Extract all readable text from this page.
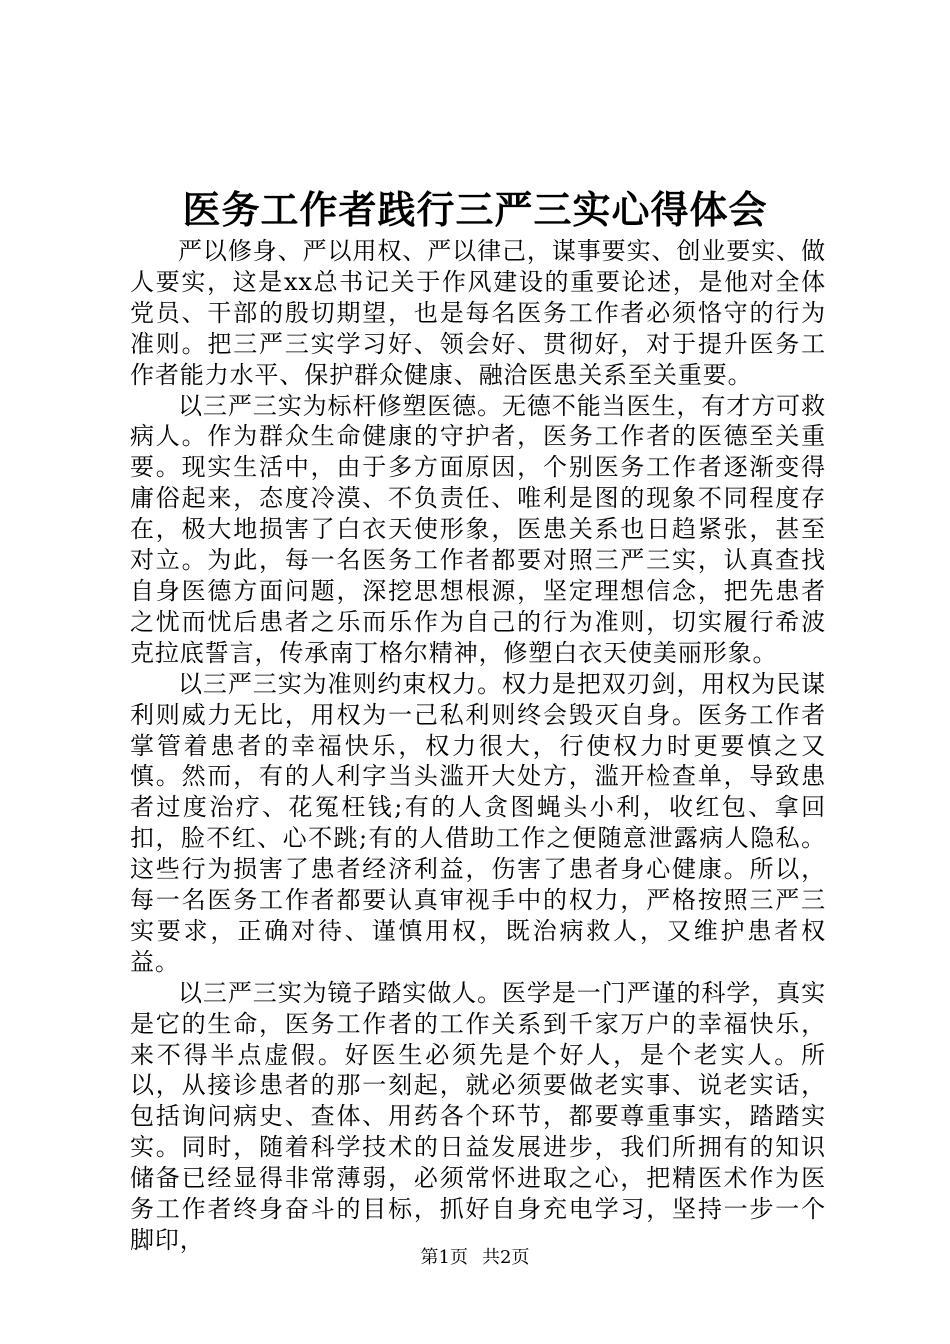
医务工作者践行三严三实心得体会

严以修身、严以用权、严以律己，谋事要实、创业要实、做人要实，这是xx总书记关于作风建设的重要论述，是他对全体党员、干部的殷切期望，也是每名医务工作者必须恪守的行为准则。把三严三实学习好、领会好、贯彻好，对于提升医务工作者能力水平、保护群众健康、融洽医患关系至关重要。

以三严三实为标杆修塑医德。无德不能当医生，有才方可救病人。作为群众生命健康的守护者，医务工作者的医德至关重要。现实生活中，由于多方面原因，个别医务工作者逐渐变得庸俗起来，态度冷漠、不负责任、唯利是图的现象不同程度存在，极大地损害了白衣天使形象，医患关系也日趋紧张，甚至对立。为此，每一名医务工作者都要对照三严三实，认真查找自身医德方面问题，深挖思想根源，坚定理想信念，把先患者之忧而忧后患者之乐而乐作为自己的行为准则，切实履行希波克拉底誓言，传承南丁格尔精神，修塑白衣天使美丽形象。

以三严三实为准则约束权力。权力是把双刃剑，用权为民谋利则威力无比，用权为一己私利则终会毁灭自身。医务工作者掌管着患者的幸福快乐，权力很大，行使权力时更要慎之又慎。然而，有的人利字当头滥开大处方，滥开检查单，导致患者过度治疗、花冤枉钱;有的人贪图蝇头小利，收红包、拿回扣，脸不红、心不跳;有的人借助工作之便随意泄露病人隐私。这些行为损害了患者经济利益，伤害了患者身心健康。所以，每一名医务工作者都要认真审视手中的权力，严格按照三严三实要求，正确对待、谨慎用权，既治病救人，又维护患者权益。

以三严三实为镜子踏实做人。医学是一门严谨的科学，真实是它的生命，医务工作者的工作关系到千家万户的幸福快乐，来不得半点虚假。好医生必须先是个好人，是个老实人。所以，从接诊患者的那一刻起，就必须要做老实事、说老实话，包括询问病史、查体、用药各个环节，都要尊重事实，踏踏实实。同时，随着科学技术的日益发展进步，我们所拥有的知识储备已经显得非常薄弱，必须常怀进取之心，把精医术作为医务工作者终身奋斗的目标，抓好自身充电学习，坚持一步一个脚印，

第1页 共2页
